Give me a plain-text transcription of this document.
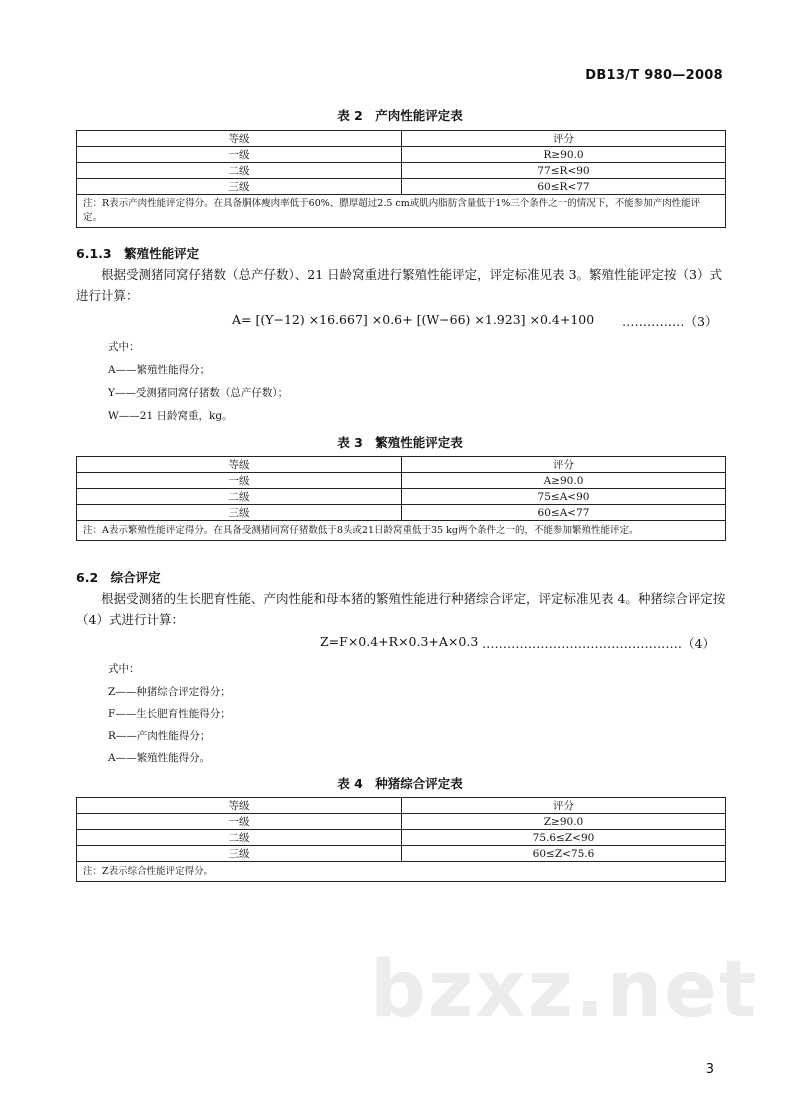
DB13/T 980—2008
表 2　产肉性能评定表
等级	评分
一级	R≥90.0
二级	77≤R<90
三级	60≤R<77
注：R表示产肉性能评定得分。在具备胴体瘦肉率低于60%、膘厚超过2.5 cm或肌内脂肪含量低于1%三个条件之一的情况下，不能参加产肉性能评定。	
6.1.3　繁殖性能评定
根据受测猪同窝仔猪数（总产仔数）、21 日龄窝重进行繁殖性能评定，评定标准见表 3。繁殖性能评定按（3）式进行计算：
A= [(Y−12) ×16.667] ×0.6+ [(W−66) ×1.923] ×0.4+100 ……………（3）
式中：
A——繁殖性能得分；
Y——受测猪同窝仔猪数（总产仔数）；
W——21 日龄窝重，kg。
表 3　繁殖性能评定表
等级	评分
一级	A≥90.0
二级	75≤A<90
三级	60≤A<77
注：A表示繁殖性能评定得分。在具备受测猪同窝仔猪数低于8头或21日龄窝重低于35 kg两个条件之一的，不能参加繁殖性能评定。	
6.2　综合评定
根据受测猪的生长肥育性能、产肉性能和母本猪的繁殖性能进行种猪综合评定，评定标准见表 4。种猪综合评定按（4）式进行计算：
Z=F×0.4+R×0.3+A×0.3 …………………………………………（4）
式中：
Z——种猪综合评定得分；
F——生长肥育性能得分；
R——产肉性能得分；
A——繁殖性能得分。
表 4　种猪综合评定表
等级	评分
一级	Z≥90.0
二级	75.6≤Z<90
三级	60≤Z<75.6
注：Z表示综合性能评定得分。	
bzxz.net
3
